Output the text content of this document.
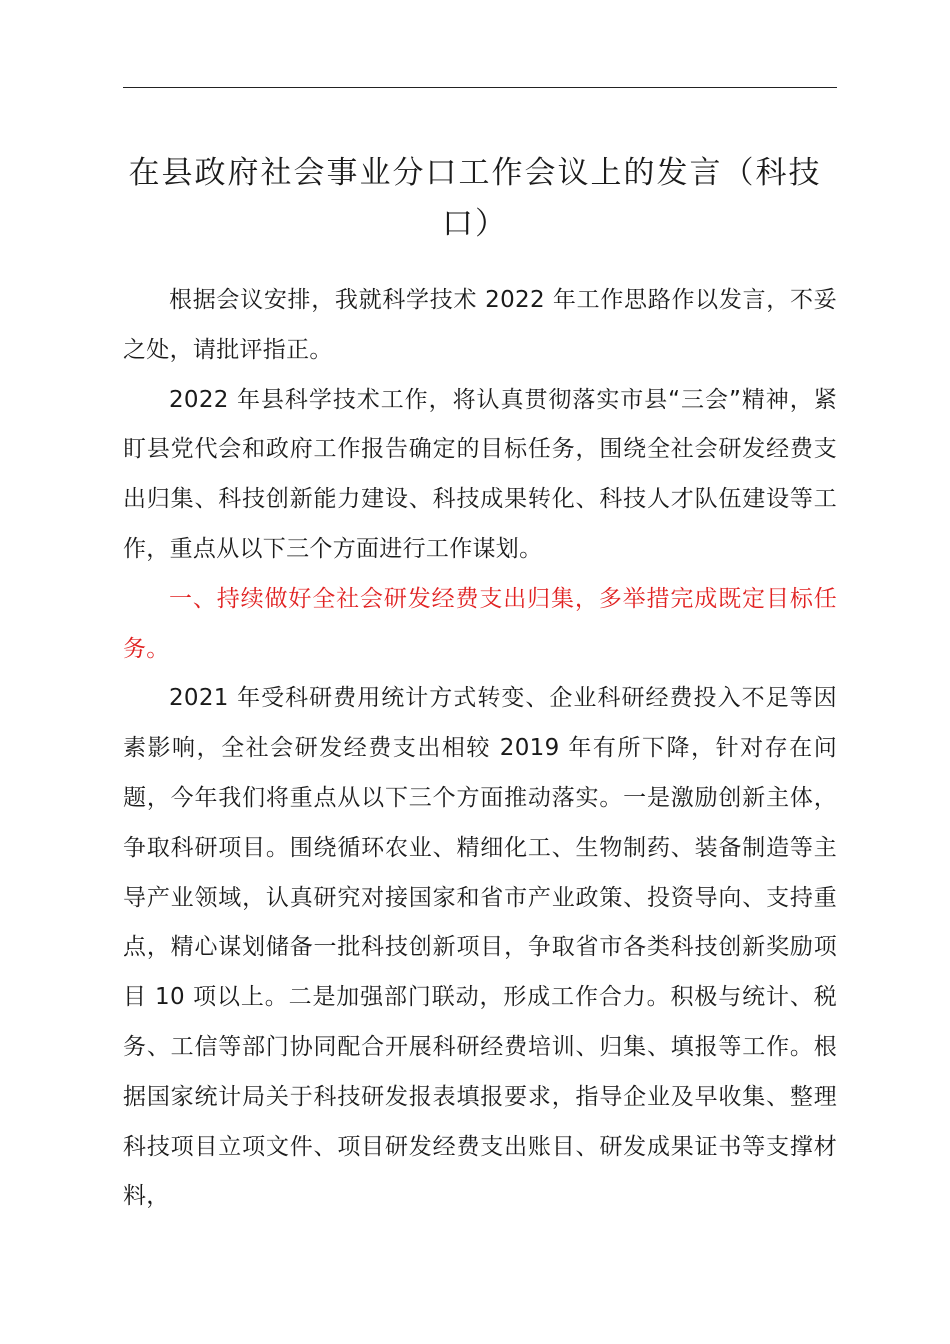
在县政府社会事业分口工作会议上的发言（科技口）

根据会议安排，我就科学技术 2022 年工作思路作以发言，不妥之处，请批评指正。

2022 年县科学技术工作，将认真贯彻落实市县“三会”精神，紧盯县党代会和政府工作报告确定的目标任务，围绕全社会研发经费支出归集、科技创新能力建设、科技成果转化、科技人才队伍建设等工作，重点从以下三个方面进行工作谋划。

一、持续做好全社会研发经费支出归集，多举措完成既定目标任务。

2021 年受科研费用统计方式转变、企业科研经费投入不足等因素影响，全社会研发经费支出相较 2019 年有所下降，针对存在问题，今年我们将重点从以下三个方面推动落实。一是激励创新主体，争取科研项目。围绕循环农业、精细化工、生物制药、装备制造等主导产业领域，认真研究对接国家和省市产业政策、投资导向、支持重点，精心谋划储备一批科技创新项目，争取省市各类科技创新奖励项目 10 项以上。二是加强部门联动，形成工作合力。积极与统计、税务、工信等部门协同配合开展科研经费培训、归集、填报等工作。根据国家统计局关于科技研发报表填报要求，指导企业及早收集、整理科技项目立项文件、项目研发经费支出账目、研发成果证书等支撑材料，
